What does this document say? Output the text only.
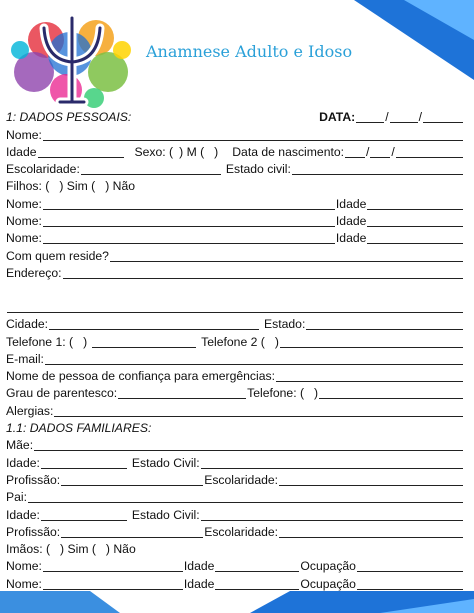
Anamnese Adulto e Idoso
1: DADOS PESSOAIS:	DATA: / /
Nome:
Idade	Sexo: ( ) M ( ) Data de nascimento: / /
Escolaridade:	Estado civil:
Filhos: ( ) Sim ( ) Não
Nome:	Idade
Nome:	Idade
Nome:	Idade
Com quem reside?
Endereço:
Cidade:	Estado:
Telefone 1: ( )	Telefone 2 ( )
E-mail:
Nome de pessoa de confiança para emergências:
Grau de parentesco:	Telefone: ( )
Alergias:
1.1: DADOS FAMILIARES:
Mãe:
Idade:	Estado Civil:
Profissão:	Escolaridade:
Pai:
Idade:	Estado Civil:
Profissão:	Escolaridade:
Imãos: ( ) Sim ( ) Não
Nome:	Idade	Ocupação
Nome:	Idade	Ocupação
